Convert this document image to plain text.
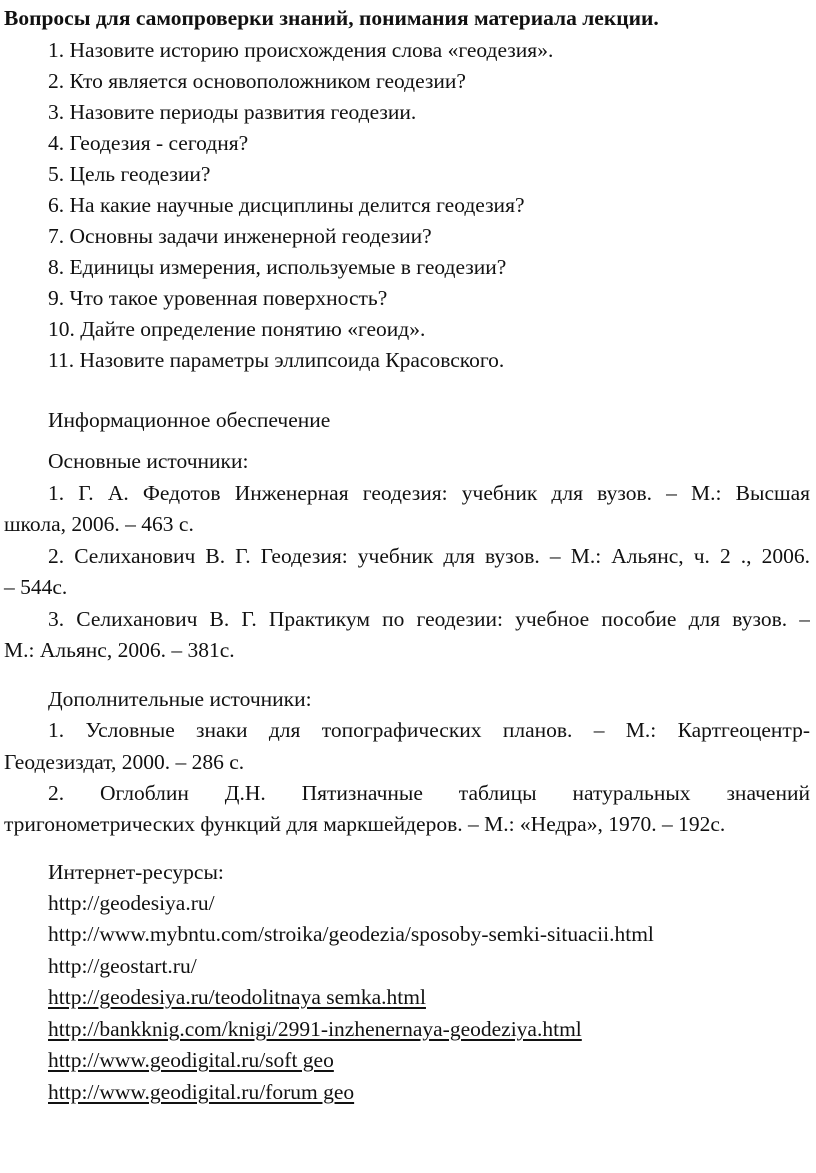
Вопросы для самопроверки знаний, понимания материала лекции.
1. Назовите историю происхождения слова «геодезия».
2. Кто является основоположником геодезии?
3. Назовите периоды развития геодезии.
4. Геодезия - сегодня?
5. Цель геодезии?
6. На какие научные дисциплины делится геодезия?
7. Основны задачи инженерной геодезии?
8. Единицы измерения, используемые в геодезии?
9. Что такое уровенная поверхность?
10. Дайте определение понятию «геоид».
11. Назовите параметры эллипсоида Красовского.
Информационное обеспечение
Основные источники:
1. Г. А. Федотов Инженерная геодезия: учебник для вузов. – М.: Высшая
школа, 2006. – 463 с.
2. Селиханович В. Г. Геодезия: учебник для вузов. – М.: Альянс, ч. 2 ., 2006.
– 544с.
3. Селиханович В. Г. Практикум по геодезии: учебное пособие для вузов. –
М.: Альянс, 2006. – 381с.
Дополнительные источники:
1. Условные знаки для топографических планов. – М.: Картгеоцентр-
Геодезиздат, 2000. – 286 с.
2. Оглоблин Д.Н. Пятизначные таблицы натуральных значений
тригонометрических функций для маркшейдеров. – М.: «Недра», 1970. – 192с.
Интернет-ресурсы:
http://geodesiya.ru/
http://www.mybntu.com/stroika/geodezia/sposoby-semki-situacii.html
http://geostart.ru/
http://geodesiya.ru/teodolitnaya semka.html
http://bankknig.com/knigi/2991-inzhenernaya-geodeziya.html
http://www.geodigital.ru/soft geo
http://www.geodigital.ru/forum geo
